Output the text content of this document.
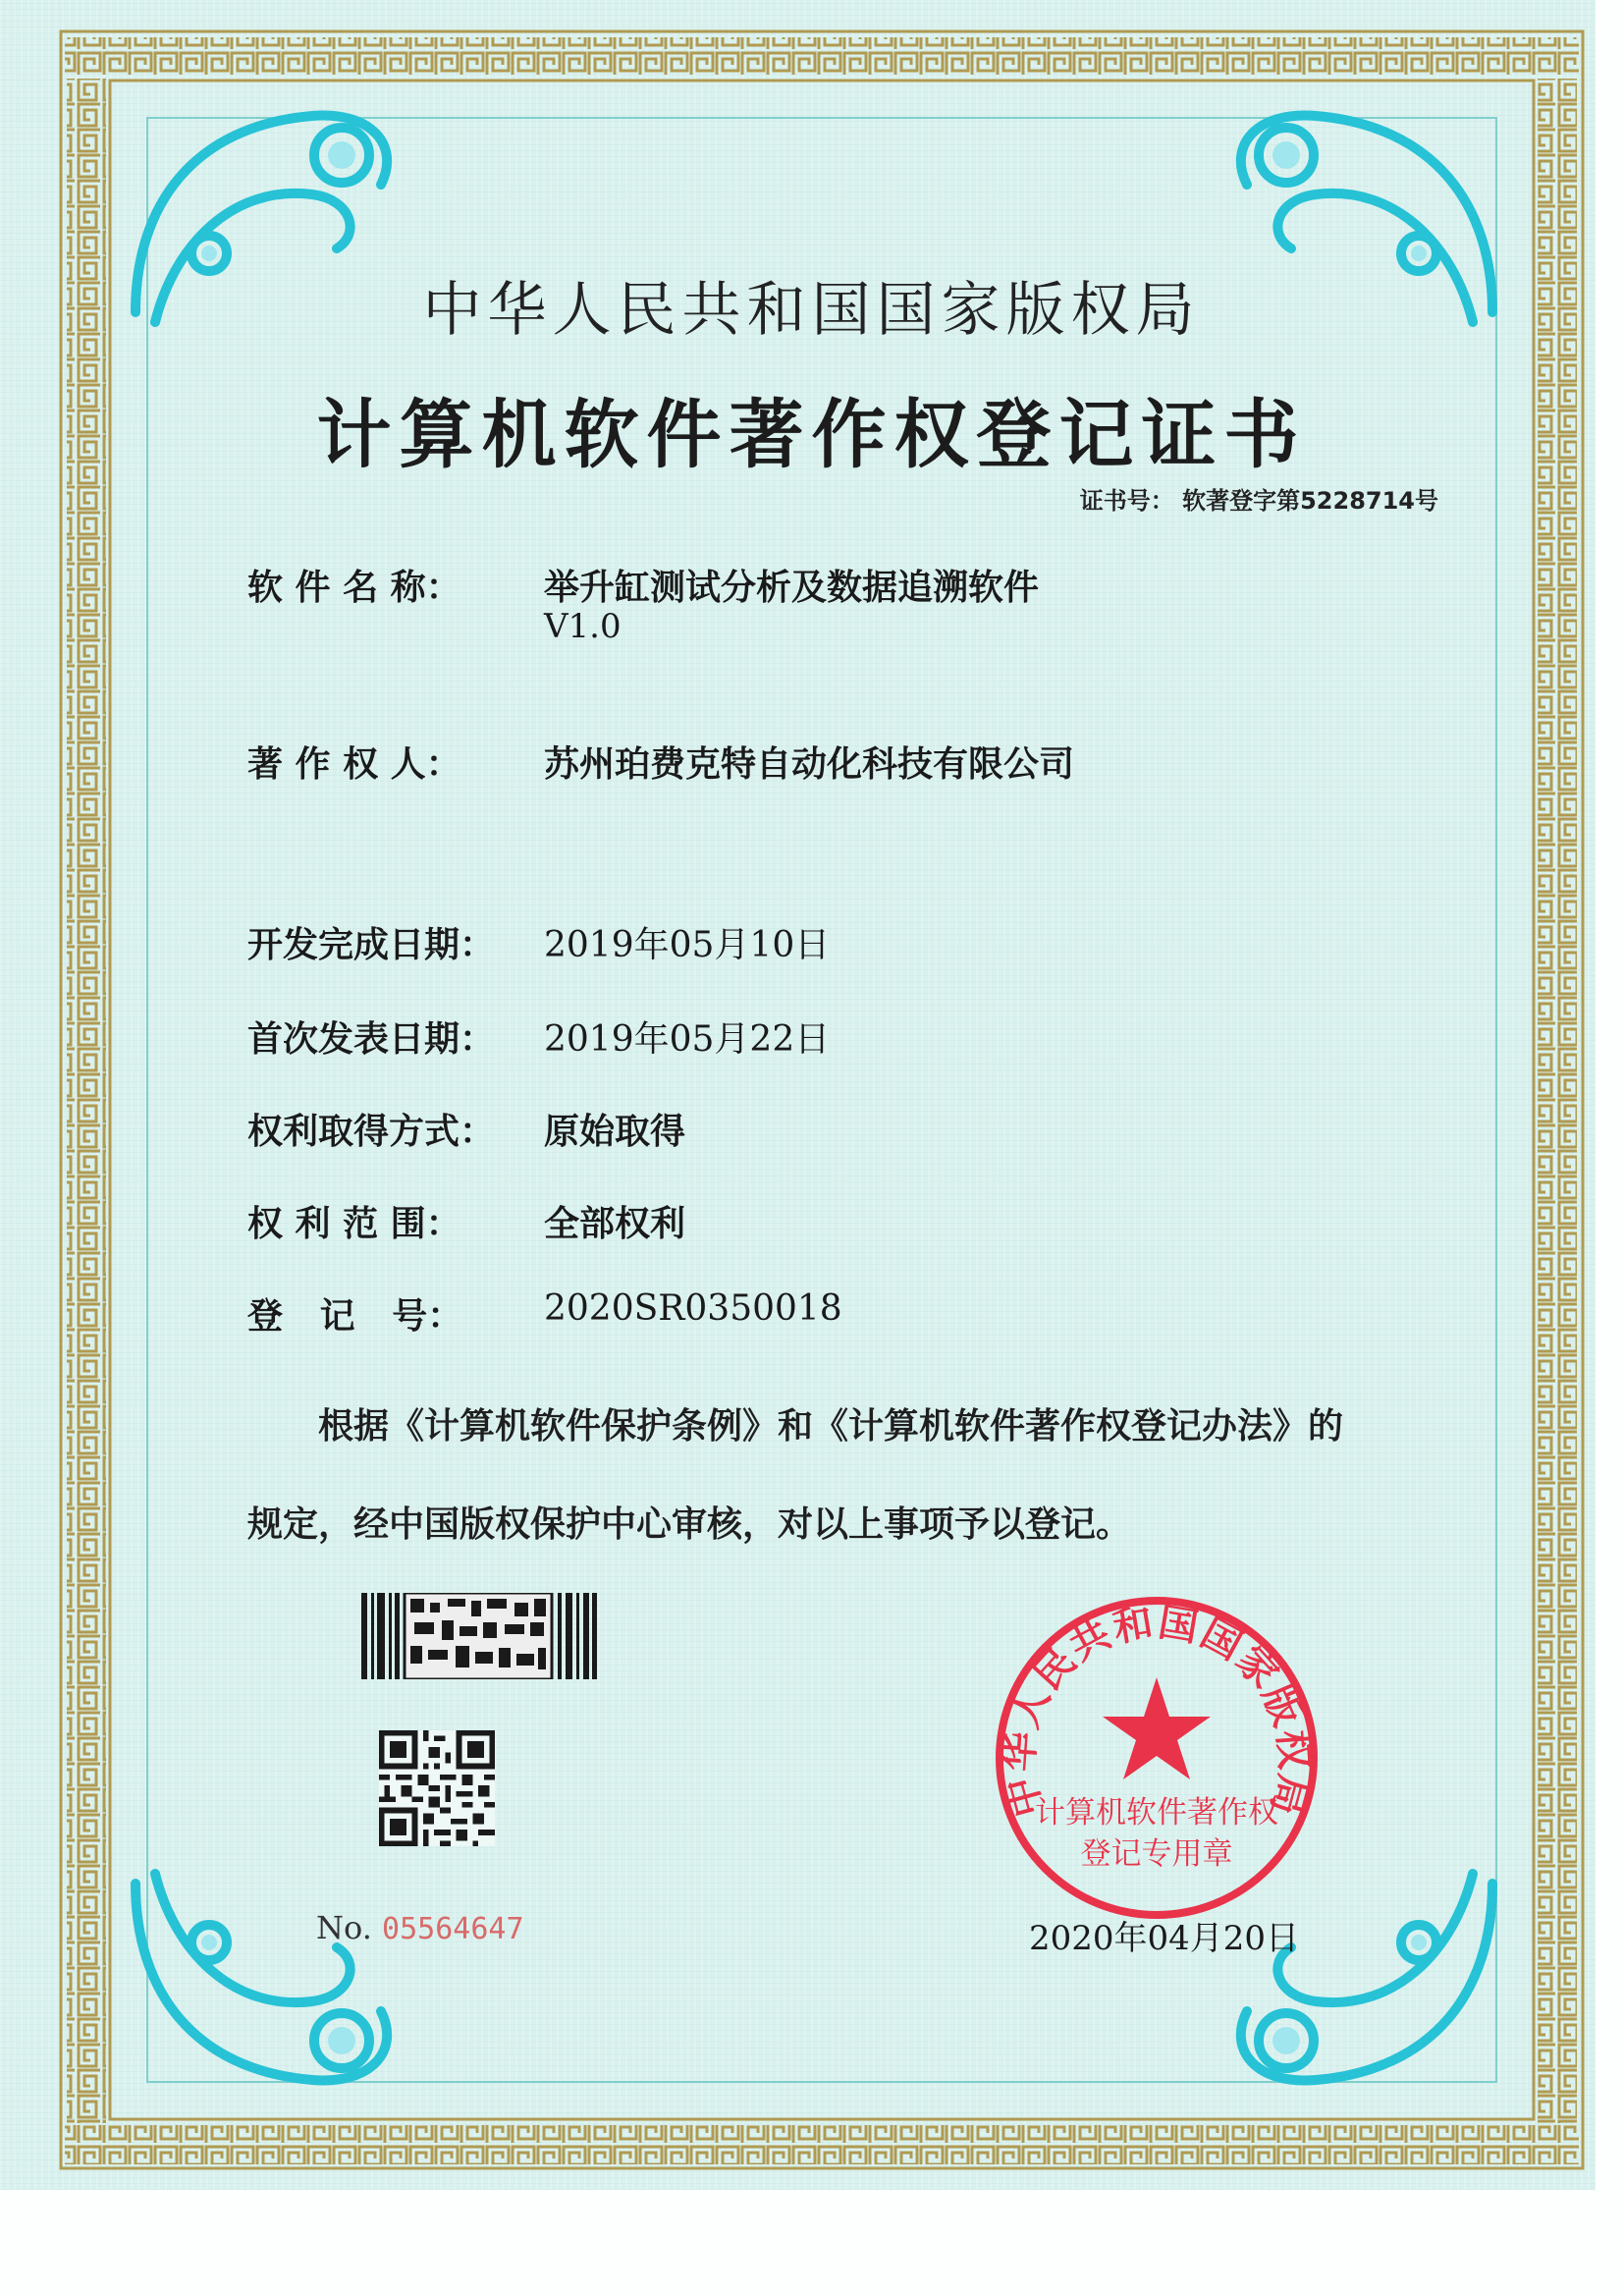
中华人民共和国国家版权局
计算机软件著作权登记证书
证书号： 软著登字第5228714号
软 件 名 称： 举升缸测试分析及数据追溯软件
V1.0
著 作 权 人： 苏州珀费克特自动化科技有限公司
开发完成日期： 2019年05月10日
首次发表日期： 2019年05月22日
权利取得方式： 原始取得
权 利 范 围： 全部权利
登   记   号： 2020SR0350018
根据《计算机软件保护条例》和《计算机软件著作权登记办法》的
规定，经中国版权保护中心审核，对以上事项予以登记。
No. 05564647
中华人民共和国国家版权局
计算机软件著作权
登记专用章
2020年04月20日
